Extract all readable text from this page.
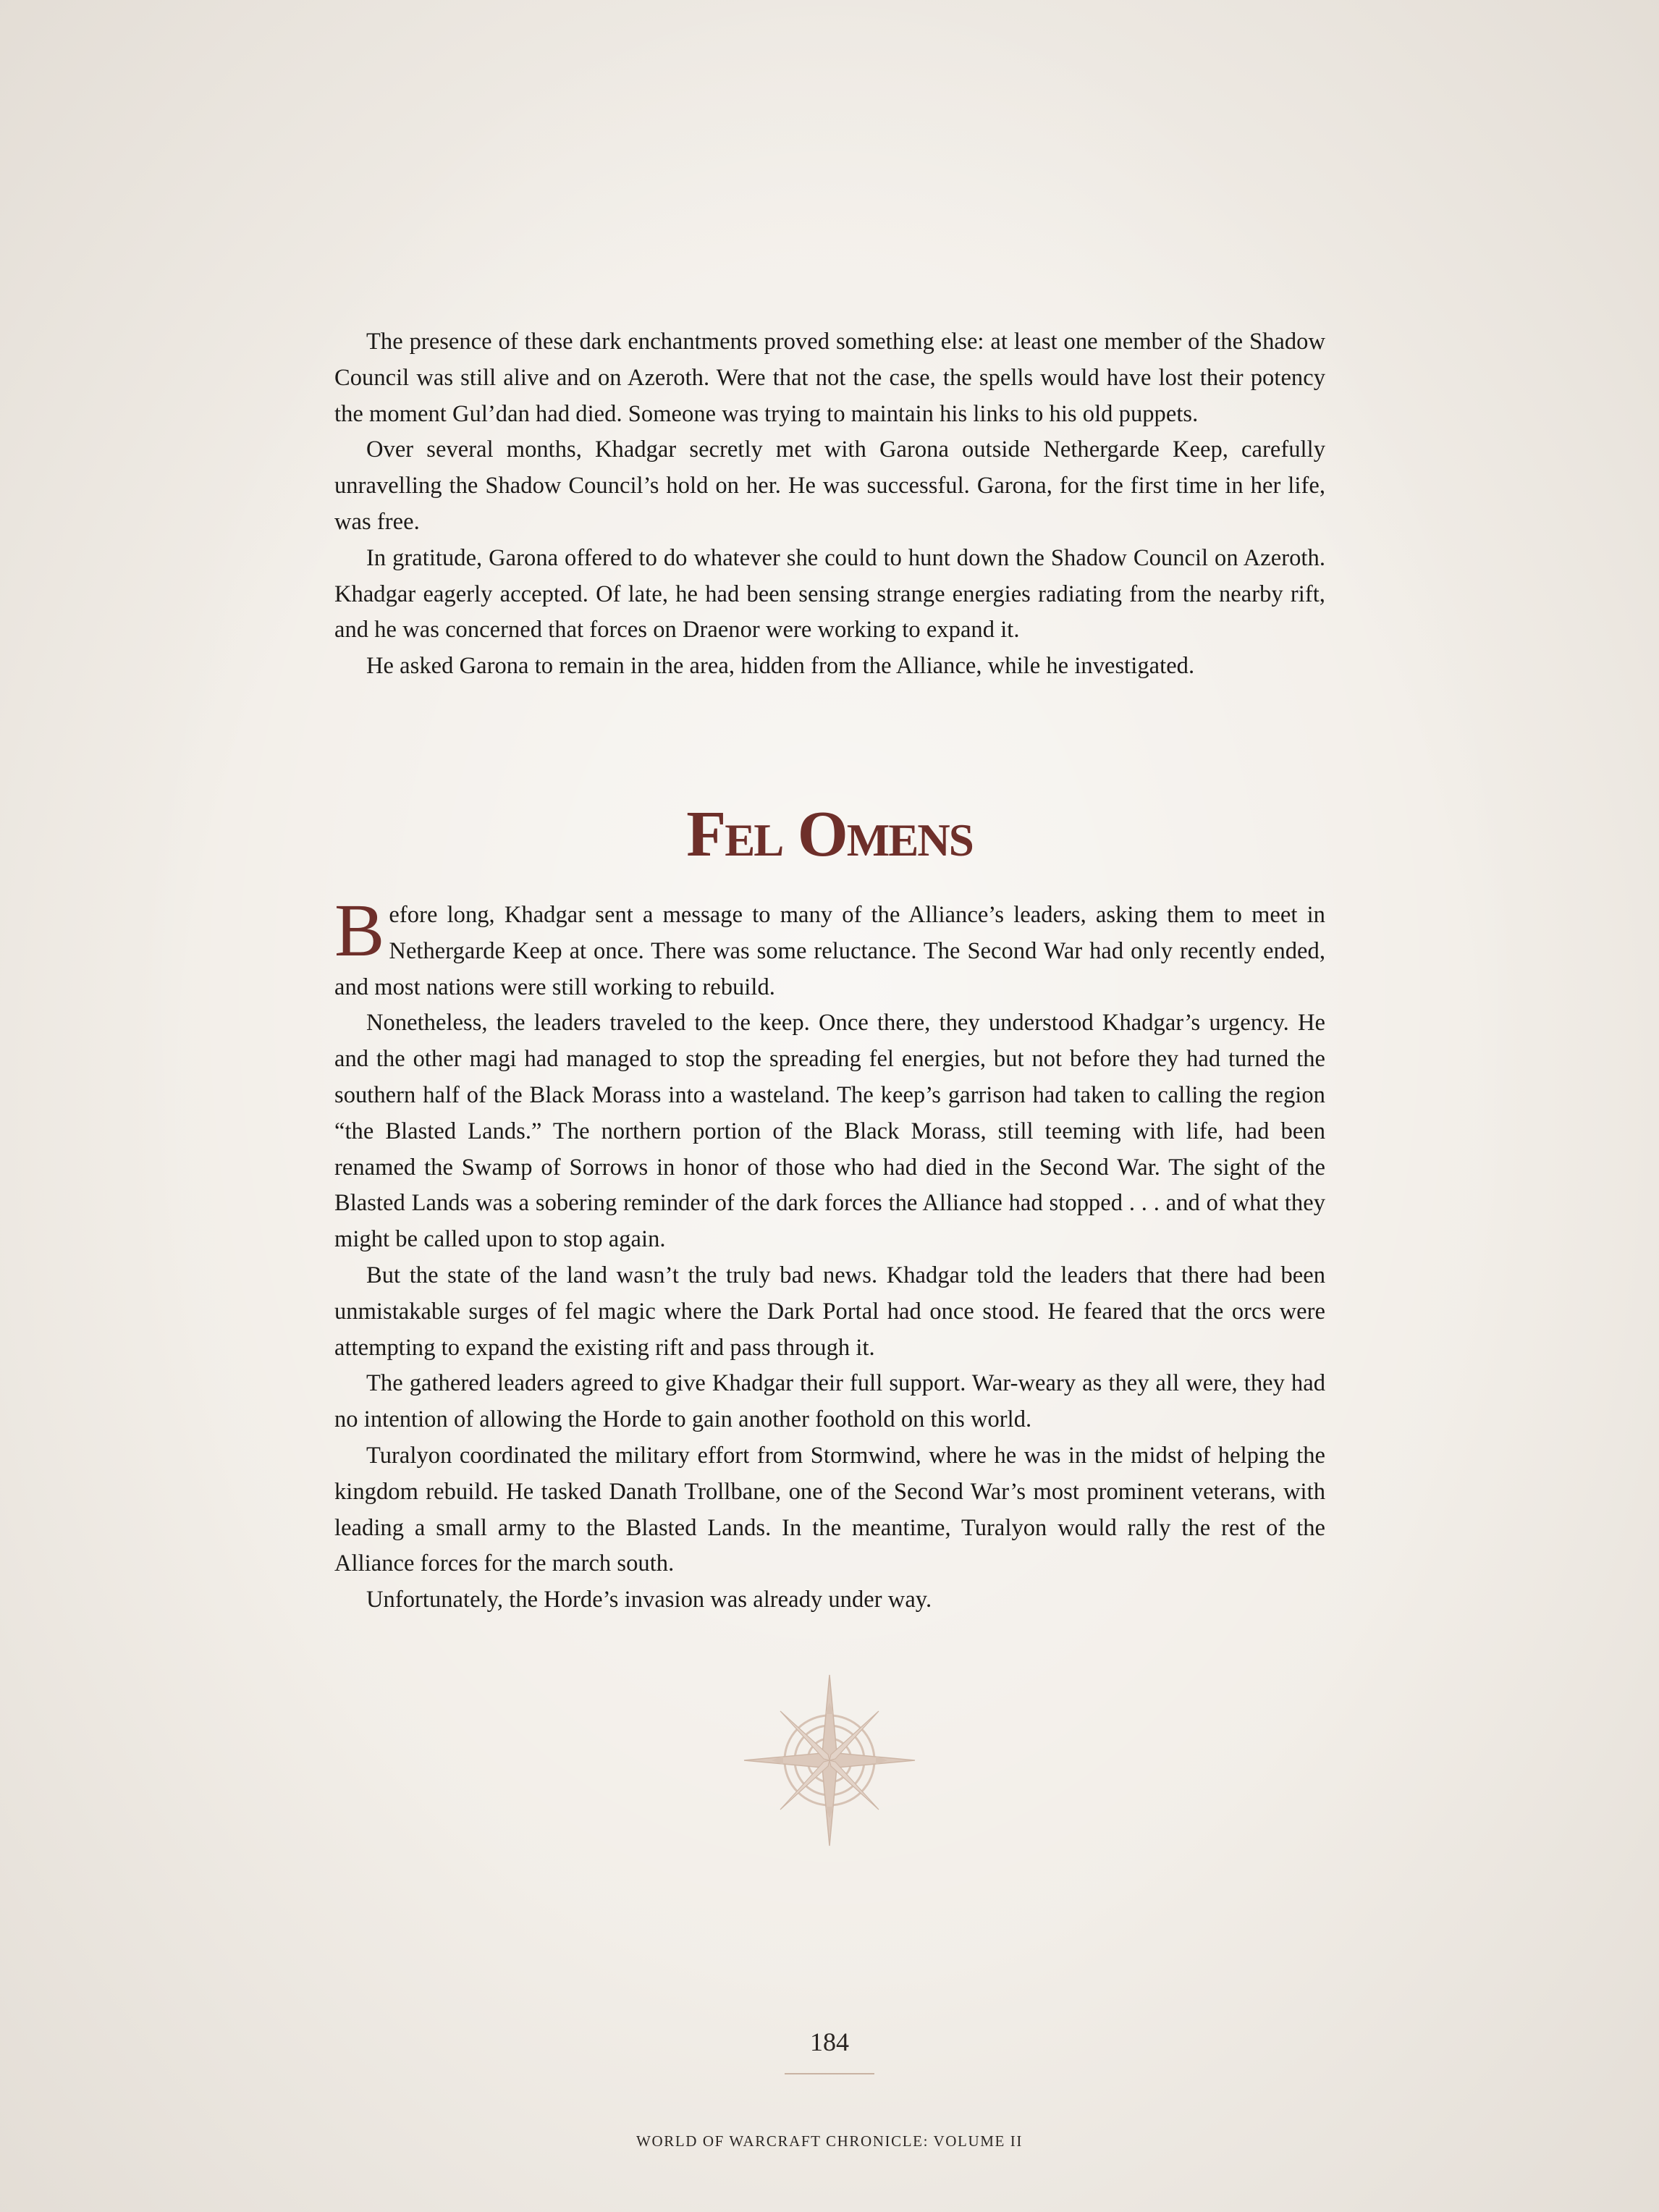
The presence of these dark enchantments proved something else: at least one member of the Shadow Council was still alive and on Azeroth. Were that not the case, the spells would have lost their potency the moment Gul’dan had died. Someone was trying to maintain his links to his old puppets.

Over several months, Khadgar secretly met with Garona outside Nethergarde Keep, carefully unravelling the Shadow Council’s hold on her. He was successful. Garona, for the first time in her life, was free.

In gratitude, Garona offered to do whatever she could to hunt down the Shadow Council on Azeroth. Khadgar eagerly accepted. Of late, he had been sensing strange energies radiating from the nearby rift, and he was concerned that forces on Draenor were working to expand it.

He asked Garona to remain in the area, hidden from the Alliance, while he investigated.

Fel Omens

Before long, Khadgar sent a message to many of the Alliance’s leaders, asking them to meet in Nethergarde Keep at once. There was some reluctance. The Second War had only recently ended, and most nations were still working to rebuild.

Nonetheless, the leaders traveled to the keep. Once there, they understood Khadgar’s urgency. He and the other magi had managed to stop the spreading fel energies, but not before they had turned the southern half of the Black Morass into a wasteland. The keep’s garrison had taken to calling the region “the Blasted Lands.” The northern portion of the Black Morass, still teeming with life, had been renamed the Swamp of Sorrows in honor of those who had died in the Second War. The sight of the Blasted Lands was a sobering reminder of the dark forces the Alliance had stopped . . . and of what they might be called upon to stop again.

But the state of the land wasn’t the truly bad news. Khadgar told the leaders that there had been unmistakable surges of fel magic where the Dark Portal had once stood. He feared that the orcs were attempting to expand the existing rift and pass through it.

The gathered leaders agreed to give Khadgar their full support. War-weary as they all were, they had no intention of allowing the Horde to gain another foothold on this world.

Turalyon coordinated the military effort from Stormwind, where he was in the midst of helping the kingdom rebuild. He tasked Danath Trollbane, one of the Second War’s most prominent veterans, with leading a small army to the Blasted Lands. In the meantime, Turalyon would rally the rest of the Alliance forces for the march south.

Unfortunately, the Horde’s invasion was already under way.

184

WORLD OF WARCRAFT CHRONICLE: VOLUME II
